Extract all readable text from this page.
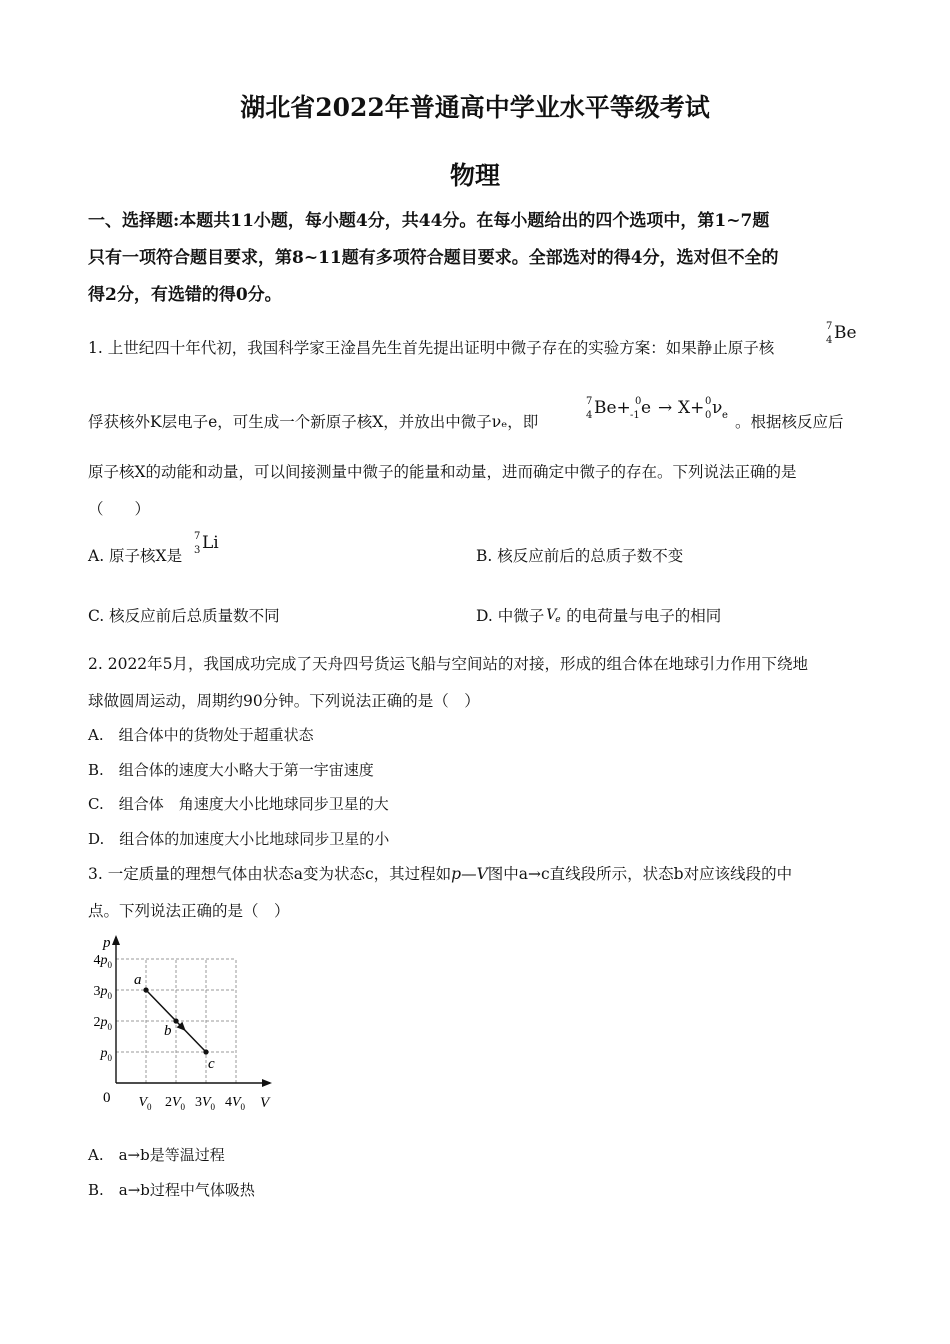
湖北省2022年普通高中学业水平等级考试
物理
一、选择题:本题共11小题，每小题4分，共44分。在每小题给出的四个选项中，第1~7题
只有一项符合题目要求，第8~11题有多项符合题目要求。全部选对的得4分，选对但不全的
得2分，有选错的得0分。
1. 上世纪四十年代初，我国科学家王淦昌先生首先提出证明中微子存在的实验方案：如果静止原子核
7
4 Be
俘获核外K层电子e，可生成一个新原子核X，并放出中微子νₑ，即
7
4 Be+ 0
-1 e → X+ 0
0 ν e 。根据核反应后
原子核X的动能和动量，可以间接测量中微子的能量和动量，进而确定中微子的存在。下列说法正确的是
（　　）
A. 原子核X是
7
3 Li
B. 核反应前后的总质子数不变
C. 核反应前后总质量数不同	D. 中微子 V
e 的电荷量与电子的相同
2. 2022年5月，我国成功完成了天舟四号货运飞船与空间站的对接，形成的组合体在地球引力作用下绕地
球做圆周运动，周期约90分钟。下列说法正确的是（　）
A.　组合体中的货物处于超重状态
B.　组合体的速度大小略大于第一宇宙速度
C.　组合体　角速度大小比地球同步卫星的大
D.　组合体的加速度大小比地球同步卫星的小
3. 一定质量的理想气体由状态a变为状态c，其过程如p—V图中a→c直线段所示，状态b对应该线段的中
点。下列说法正确的是（　）
V
p
0 $V_0$
$p_0$
$2V_0$
$2p_0$
$3V_0$
$3p_0$
$4V_0$
$4p_0$
a
b
c
A.　a→b是等温过程
B.　a→b过程中气体吸热
